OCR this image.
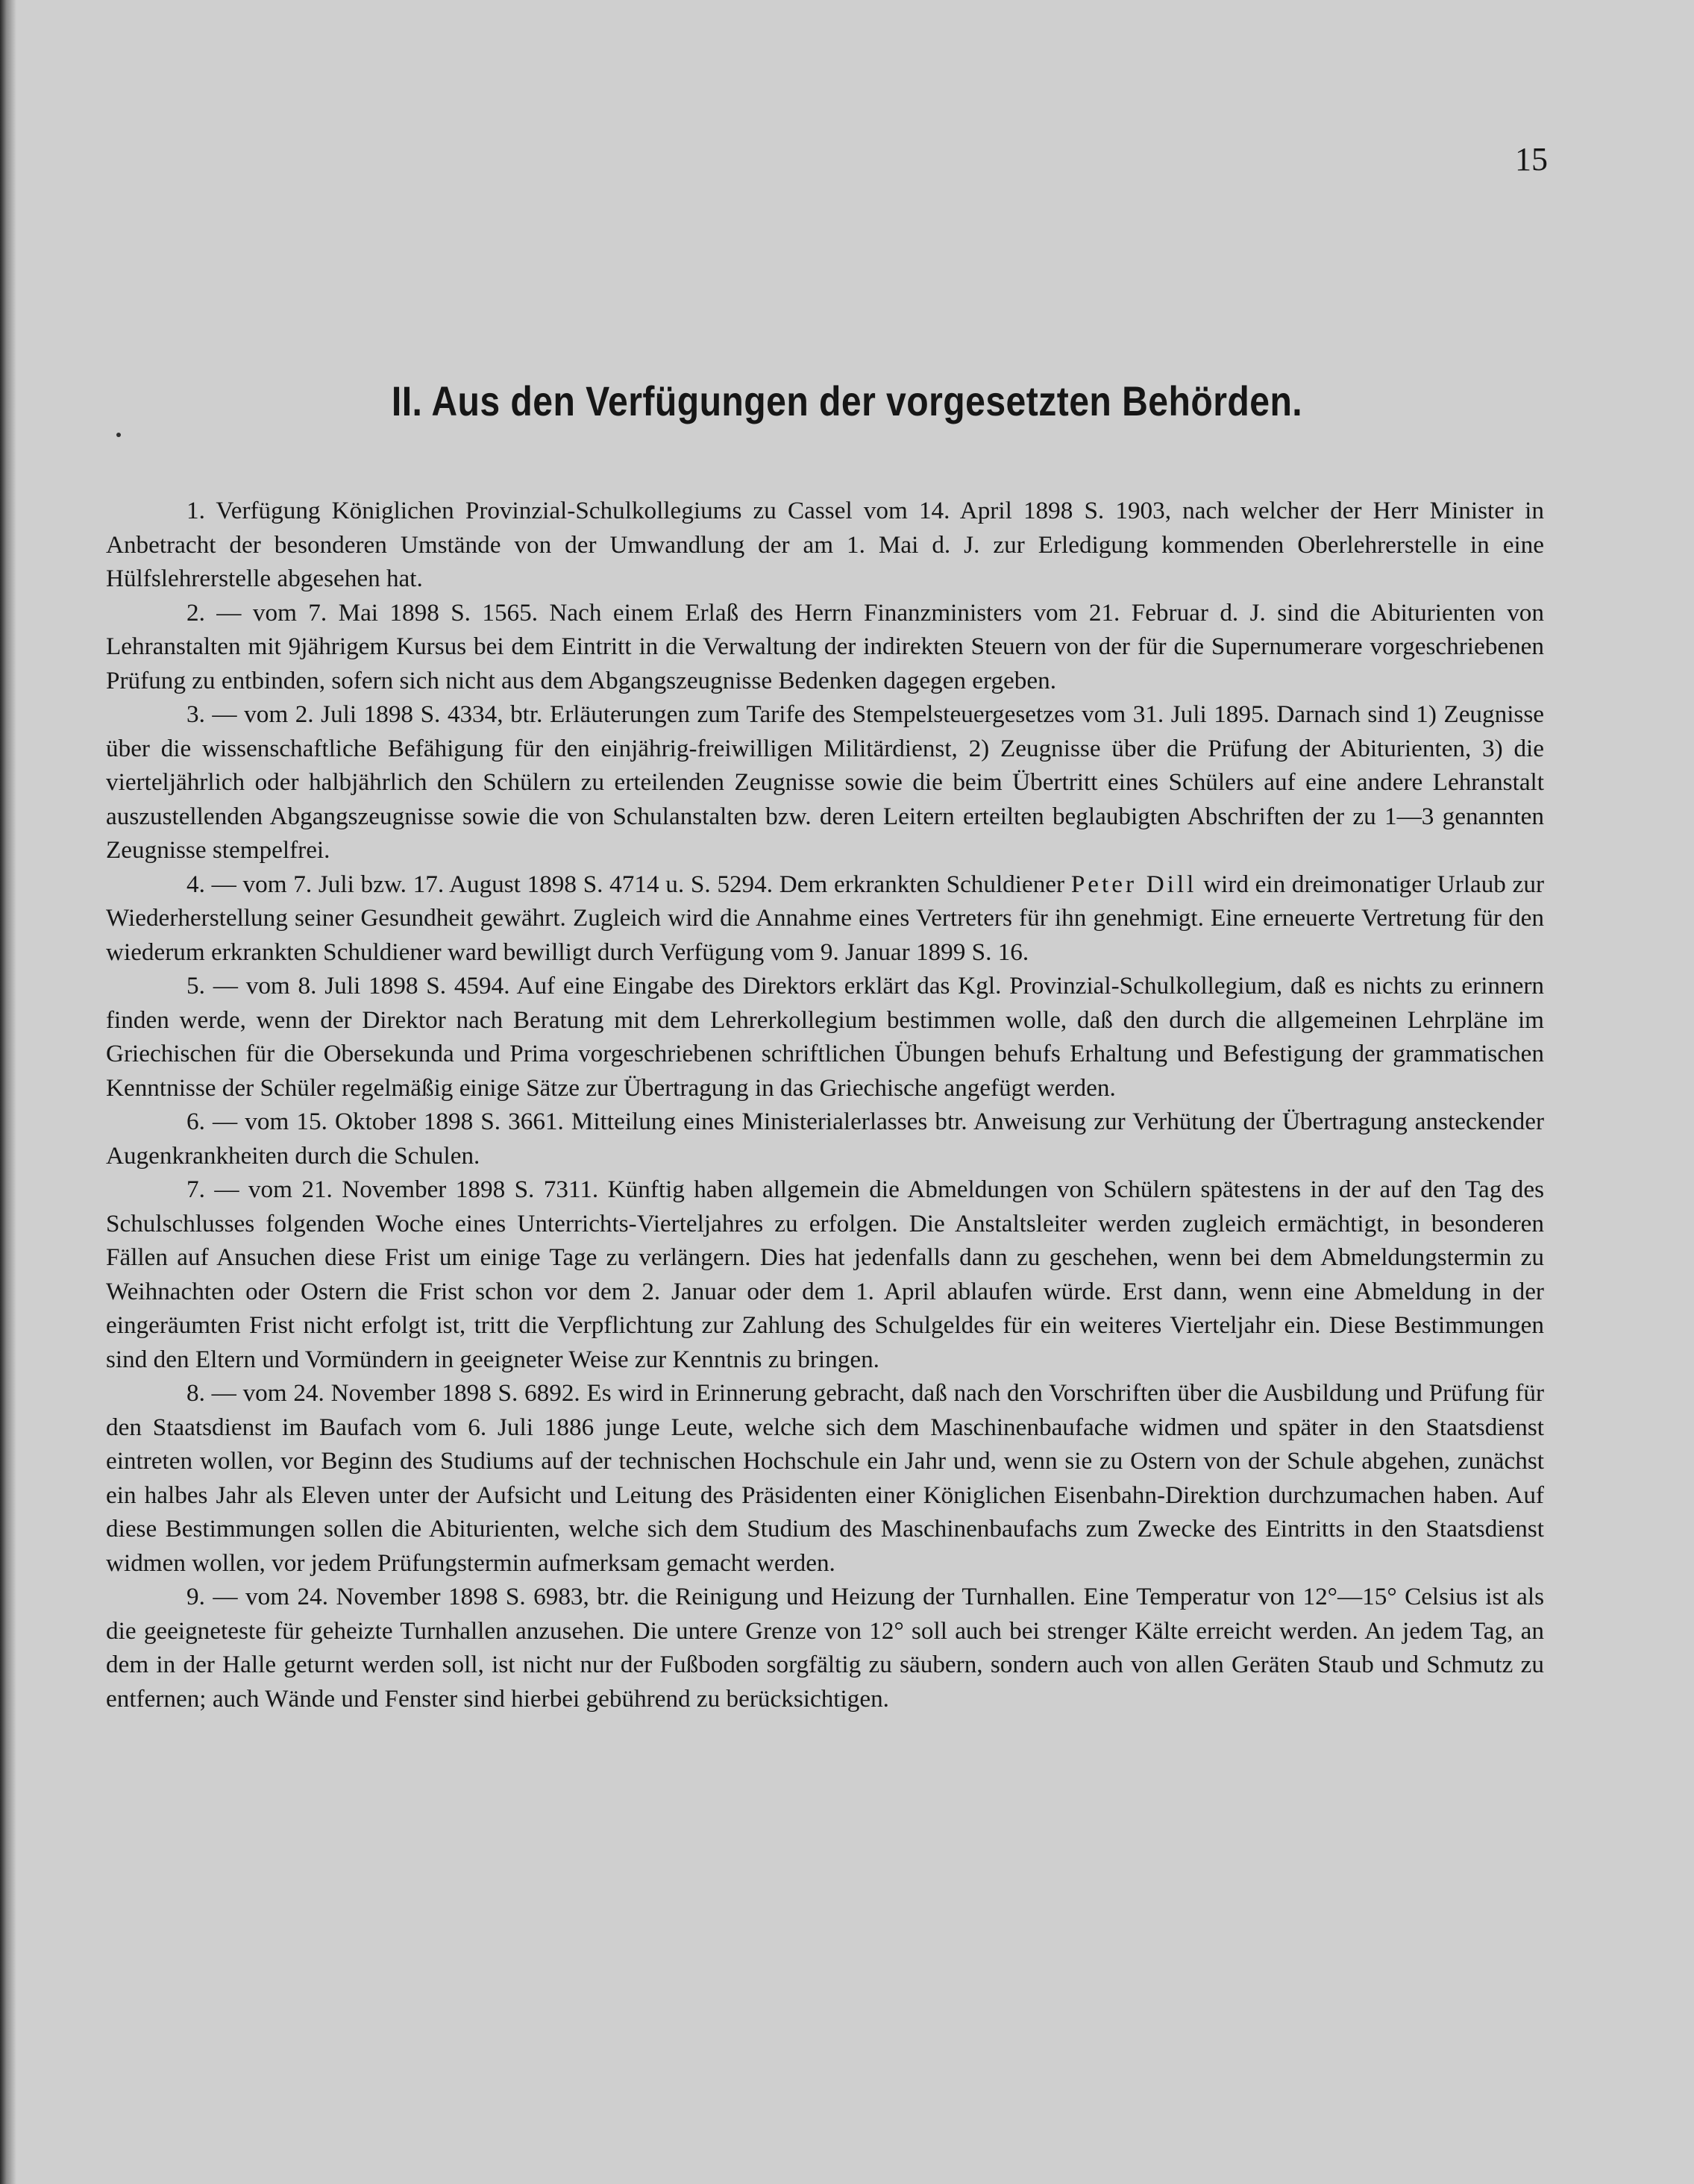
15
II. Aus den Verfügungen der vorgesetzten Behörden.

1. Verfügung Königlichen Provinzial-Schulkollegiums zu Cassel vom 14. April 1898 S. 1903, nach welcher der Herr Minister in Anbetracht der besonderen Umstände von der Umwandlung der am 1. Mai d. J. zur Erledigung kommenden Oberlehrerstelle in eine Hülfslehrerstelle abgesehen hat.

2. — vom 7. Mai 1898 S. 1565. Nach einem Erlaß des Herrn Finanzministers vom 21. Februar d. J. sind die Abiturienten von Lehranstalten mit 9jährigem Kursus bei dem Eintritt in die Verwaltung der indirekten Steuern von der für die Supernumerare vorgeschriebenen Prüfung zu entbinden, sofern sich nicht aus dem Abgangszeugnisse Bedenken dagegen ergeben.

3. — vom 2. Juli 1898 S. 4334, btr. Erläuterungen zum Tarife des Stempelsteuergesetzes vom 31. Juli 1895. Darnach sind 1) Zeugnisse über die wissenschaftliche Befähigung für den einjährig-freiwilligen Militärdienst, 2) Zeugnisse über die Prüfung der Abiturienten, 3) die vierteljährlich oder halbjährlich den Schülern zu erteilenden Zeugnisse sowie die beim Übertritt eines Schülers auf eine andere Lehranstalt auszustellenden Abgangszeugnisse sowie die von Schulanstalten bzw. deren Leitern erteilten beglaubigten Abschriften der zu 1—3 genannten Zeugnisse stempelfrei.

4. — vom 7. Juli bzw. 17. August 1898 S. 4714 u. S. 5294. Dem erkrankten Schuldiener Peter Dill wird ein dreimonatiger Urlaub zur Wiederherstellung seiner Gesundheit gewährt. Zugleich wird die Annahme eines Vertreters für ihn genehmigt. Eine erneuerte Vertretung für den wiederum erkrankten Schuldiener ward bewilligt durch Verfügung vom 9. Januar 1899 S. 16.

5. — vom 8. Juli 1898 S. 4594. Auf eine Eingabe des Direktors erklärt das Kgl. Provinzial-Schulkollegium, daß es nichts zu erinnern finden werde, wenn der Direktor nach Beratung mit dem Lehrerkollegium bestimmen wolle, daß den durch die allgemeinen Lehrpläne im Griechischen für die Obersekunda und Prima vorgeschriebenen schriftlichen Übungen behufs Erhaltung und Befestigung der grammatischen Kenntnisse der Schüler regelmäßig einige Sätze zur Übertragung in das Griechische angefügt werden.

6. — vom 15. Oktober 1898 S. 3661. Mitteilung eines Ministerialerlasses btr. Anweisung zur Verhütung der Übertragung ansteckender Augenkrankheiten durch die Schulen.

7. — vom 21. November 1898 S. 7311. Künftig haben allgemein die Abmeldungen von Schülern spätestens in der auf den Tag des Schulschlusses folgenden Woche eines Unterrichts-Vierteljahres zu erfolgen. Die Anstaltsleiter werden zugleich ermächtigt, in besonderen Fällen auf Ansuchen diese Frist um einige Tage zu verlängern. Dies hat jedenfalls dann zu geschehen, wenn bei dem Abmeldungstermin zu Weihnachten oder Ostern die Frist schon vor dem 2. Januar oder dem 1. April ablaufen würde. Erst dann, wenn eine Abmeldung in der eingeräumten Frist nicht erfolgt ist, tritt die Verpflichtung zur Zahlung des Schulgeldes für ein weiteres Vierteljahr ein. Diese Bestimmungen sind den Eltern und Vormündern in geeigneter Weise zur Kenntnis zu bringen.

8. — vom 24. November 1898 S. 6892. Es wird in Erinnerung gebracht, daß nach den Vorschriften über die Ausbildung und Prüfung für den Staatsdienst im Baufach vom 6. Juli 1886 junge Leute, welche sich dem Maschinenbaufache widmen und später in den Staatsdienst eintreten wollen, vor Beginn des Studiums auf der technischen Hochschule ein Jahr und, wenn sie zu Ostern von der Schule abgehen, zunächst ein halbes Jahr als Eleven unter der Aufsicht und Leitung des Präsidenten einer Königlichen Eisenbahn-Direktion durchzumachen haben. Auf diese Bestimmungen sollen die Abiturienten, welche sich dem Studium des Maschinenbaufachs zum Zwecke des Eintritts in den Staatsdienst widmen wollen, vor jedem Prüfungstermin aufmerksam gemacht werden.

9. — vom 24. November 1898 S. 6983, btr. die Reinigung und Heizung der Turnhallen. Eine Temperatur von 12°—15° Celsius ist als die geeigneteste für geheizte Turnhallen anzusehen. Die untere Grenze von 12° soll auch bei strenger Kälte erreicht werden. An jedem Tag, an dem in der Halle geturnt werden soll, ist nicht nur der Fußboden sorgfältig zu säubern, sondern auch von allen Geräten Staub und Schmutz zu entfernen; auch Wände und Fenster sind hierbei gebührend zu berücksichtigen.
